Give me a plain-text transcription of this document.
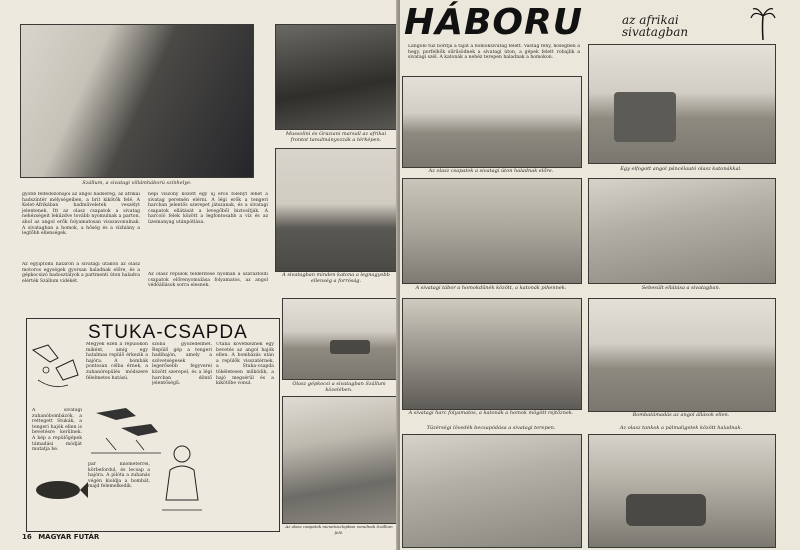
Szállum, a sivatagi villámháború színhelye.
Mussolini és Graziani marsall az afrikai frontot tanulmányozzák a térképen.
A sivatagban minden katona a legnagyobb ellenség a forróság.
Olasz gépkocsi a sivatagban Szállum közelében.
Az olasz csapatok menetoszlopban vonulnak Szállum felé.
gyobb felfedezőhajói az angol hadsereg, az afrikai hadszíntér mélységeiben, a brit kikötők felé. A Kelet-Afrikában hadműveletek veszélyt jelentenek. Itt az olasz csapatok a sivatag nehézségeit leküzdve tovább nyomulnak a parton, ahol az angol erők folyamatosan visszavonulnak. A sivatagban a homok, a hőség és a vízhiány a legfőbb ellenségek.
Az egyiptomi határon a sivatagi utakon az olasz motoros egységek gyorsan haladnak előre, és a gépkocsizó hadosztályok a partmenti úton haladva elérték Szállum vidékét.
népi viszony között egy új erős fölényt lehet a sivatag peremén elérni. A légi erők a tengeri harcban jelentős szerepet játszanak, és a sivatagi csapatok ellátását a levegőből biztosítják. A harcoló felek között a legfontosabb a víz és az üzemanyag utánpótlása.
Az olasz repülők felderítése nyomán a szárazföldi csapatok előrenyomulása folyamatos, az angol védőállások sorra elesnek.
STUKA-CSAPDA
A sivatagi zuhanóbombázók, a rettegett Stukák, a tengeri hajók ellen is bevetésre kerülnek. A kép a repülőgépek támadási módját mutatja be.
Megyek ezen a repülőkön miként, amíg egy hatalmas repülő érkezik a hajóra. A bombák pontosan célba érnek, a zuhanórepülés módszere félelmetes hatású.
pár kilométerrel, körbefordul, és lecsap a hajóra. A pilóta a zuhanás végén kioldja a bombát, majd felemelkedik.
szóba győzedelmet. Repülő gép a tengeri hadihajón, amely a szövetségesek legerősebb fegyverei között szerepel, és a légi harcban döntő jelentőségű.
Utána következnek egy bevetés az angol hajók ellen. A bombázás után a repülők visszatérnek, a Stuka-csapda tökéletesen működik, a hajó megsérül és a kikötőbe vonul.
16 MAGYAR FUTÁR
HÁBORU	az afrikai sivatagban
Lángoló tűz borítja a tájat a homoksivatag felett. Vastag fény, hőségben a hegy, porfelhők sűrűsödnek a sivatagi úton, a gépek felett robajlik a sivatagi szél. A katonák a nehéz terepen haladnak a homokon.
Az olasz csapatok a sivatagi úton haladnak előre.	Egy elfogott angol páncélautó olasz katonákkal.
A sivatagi tábor a homokdűnék között, a katonák pihennek.	Sebesült ellátása a sivatagban.
A sivatagi harc folyamatos, a katonák a homok mögött rejtőznek.	Bombatámadás az angol állások ellen.
Tüzérségi lövedék becsapódása a sivatagi terepen.	Az olasz tankok a pálmaligetek között haladnak.
